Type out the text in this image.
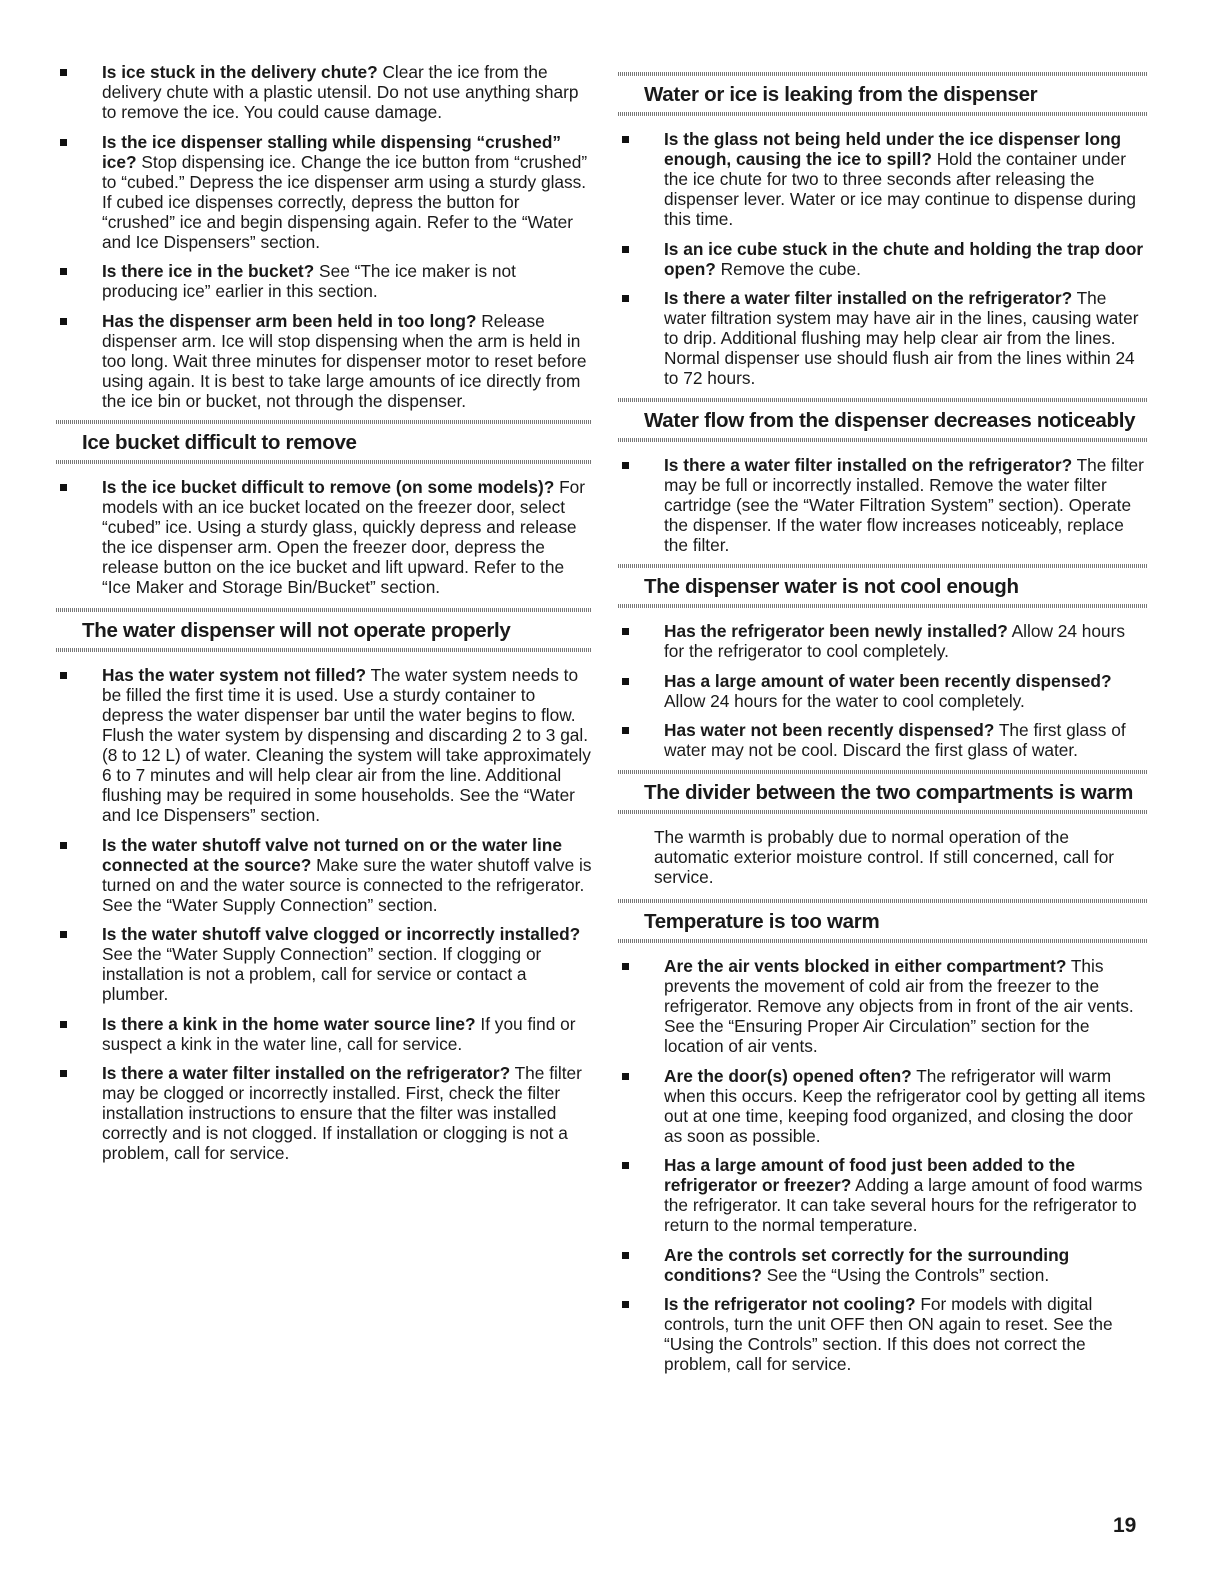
Is ice stuck in the delivery chute? Clear the ice from the delivery chute with a plastic utensil. Do not use anything sharp to remove the ice. You could cause damage.
Is the ice dispenser stalling while dispensing “crushed” ice? Stop dispensing ice. Change the ice button from “crushed” to “cubed.” Depress the ice dispenser arm using a sturdy glass. If cubed ice dispenses correctly, depress the button for “crushed” ice and begin dispensing again. Refer to the “Water and Ice Dispensers” section.
Is there ice in the bucket? See “The ice maker is not producing ice” earlier in this section.
Has the dispenser arm been held in too long? Release dispenser arm. Ice will stop dispensing when the arm is held in too long. Wait three minutes for dispenser motor to reset before using again. It is best to take large amounts of ice directly from the ice bin or bucket, not through the dispenser.
Ice bucket difficult to remove
Is the ice bucket difficult to remove (on some models)? For models with an ice bucket located on the freezer door, select “cubed” ice. Using a sturdy glass, quickly depress and release the ice dispenser arm. Open the freezer door, depress the release button on the ice bucket and lift upward. Refer to the “Ice Maker and Storage Bin/Bucket” section.
The water dispenser will not operate properly
Has the water system not filled? The water system needs to be filled the first time it is used. Use a sturdy container to depress the water dispenser bar until the water begins to flow. Flush the water system by dispensing and discarding 2 to 3 gal. (8 to 12 L) of water. Cleaning the system will take approximately 6 to 7 minutes and will help clear air from the line. Additional flushing may be required in some households. See the “Water and Ice Dispensers” section.
Is the water shutoff valve not turned on or the water line connected at the source? Make sure the water shutoff valve is turned on and the water source is connected to the refrigerator. See the “Water Supply Connection” section.
Is the water shutoff valve clogged or incorrectly installed? See the “Water Supply Connection” section. If clogging or installation is not a problem, call for service or contact a plumber.
Is there a kink in the home water source line? If you find or suspect a kink in the water line, call for service.
Is there a water filter installed on the refrigerator? The filter may be clogged or incorrectly installed. First, check the filter installation instructions to ensure that the filter was installed correctly and is not clogged. If installation or clogging is not a problem, call for service.
Water or ice is leaking from the dispenser
Is the glass not being held under the ice dispenser long enough, causing the ice to spill? Hold the container under the ice chute for two to three seconds after releasing the dispenser lever. Water or ice may continue to dispense during this time.
Is an ice cube stuck in the chute and holding the trap door open? Remove the cube.
Is there a water filter installed on the refrigerator? The water filtration system may have air in the lines, causing water to drip. Additional flushing may help clear air from the lines. Normal dispenser use should flush air from the lines within 24 to 72 hours.
Water flow from the dispenser decreases noticeably
Is there a water filter installed on the refrigerator? The filter may be full or incorrectly installed. Remove the water filter cartridge (see the “Water Filtration System” section). Operate the dispenser. If the water flow increases noticeably, replace the filter.
The dispenser water is not cool enough
Has the refrigerator been newly installed? Allow 24 hours for the refrigerator to cool completely.
Has a large amount of water been recently dispensed? Allow 24 hours for the water to cool completely.
Has water not been recently dispensed? The first glass of water may not be cool. Discard the first glass of water.
The divider between the two compartments is warm

The warmth is probably due to normal operation of the automatic exterior moisture control. If still concerned, call for service.

Temperature is too warm
Are the air vents blocked in either compartment? This prevents the movement of cold air from the freezer to the refrigerator. Remove any objects from in front of the air vents. See the “Ensuring Proper Air Circulation” section for the location of air vents.
Are the door(s) opened often? The refrigerator will warm when this occurs. Keep the refrigerator cool by getting all items out at one time, keeping food organized, and closing the door as soon as possible.
Has a large amount of food just been added to the refrigerator or freezer? Adding a large amount of food warms the refrigerator. It can take several hours for the refrigerator to return to the normal temperature.
Are the controls set correctly for the surrounding conditions? See the “Using the Controls” section.
Is the refrigerator not cooling? For models with digital controls, turn the unit OFF then ON again to reset. See the “Using the Controls” section. If this does not correct the problem, call for service.
19
